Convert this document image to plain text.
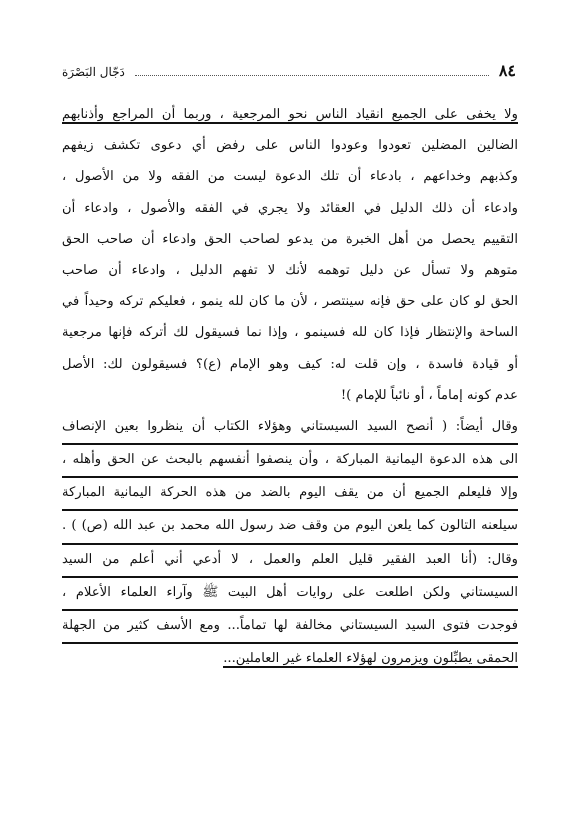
٨٤
دَجّال البَصْرَة
ولا يخفى على الجميع انقياد الناس نحو المرجعية ، وربما أن المراجع وأذنابهم
الضالين المضلين تعودوا وعودوا الناس على رفض أي دعوى تكشف زيفهم
وكذبهم وخداعهم ، بادعاء أن تلك الدعوة ليست من الفقه ولا من الأصول ،
وادعاء أن ذلك الدليل في العقائد ولا يجري في الفقه والأصول ، وادعاء أن
التقييم يحصل من أهل الخبرة من يدعو لصاحب الحق وادعاء أن صاحب الحق
متوهم ولا تسأل عن دليل توهمه لأنك لا تفهم الدليل ، وادعاء أن صاحب
الحق لو كان على حق فإنه سينتصر ، لأن ما كان لله ينمو ، فعليكم تركه وحيداً في
الساحة والإنتظار فإذا كان لله فسينمو ، وإذا نما فسيقول لك أتركه فإنها مرجعية
أو قيادة فاسدة ، وإن قلت له: كيف وهو الإمام (ع)؟ فسيقولون لك: الأصل
عدم كونه إماماً ، أو نائباً للإمام )!
وقال أيضاً: ( أنصح السيد السيستاني وهؤلاء الكتاب أن ينظروا بعين الإنصاف
الى هذه الدعوة اليمانية المباركة ، وأن ينصفوا أنفسهم بالبحث عن الحق وأهله ،
وإلا فليعلم الجميع أن من يقف اليوم بالضد من هذه الحركة اليمانية المباركة
سيلعنه التالون كما يلعن اليوم من وقف ضد رسول الله محمد بن عبد الله (ص) ) .
وقال: (أنا العبد الفقير قليل العلم والعمل ، لا أدعي أني أعلم من السيد
السيستاني ولكن اطلعت على روايات أهل البيت ﷺ وآراء العلماء الأعلام ،
فوجدت فتوى السيد السيستاني مخالفة لها تماماً... ومع الأسف كثير من الجهلة
الحمقى يطبِّلون ويزمرون لهؤلاء العلماء غير العاملين...
